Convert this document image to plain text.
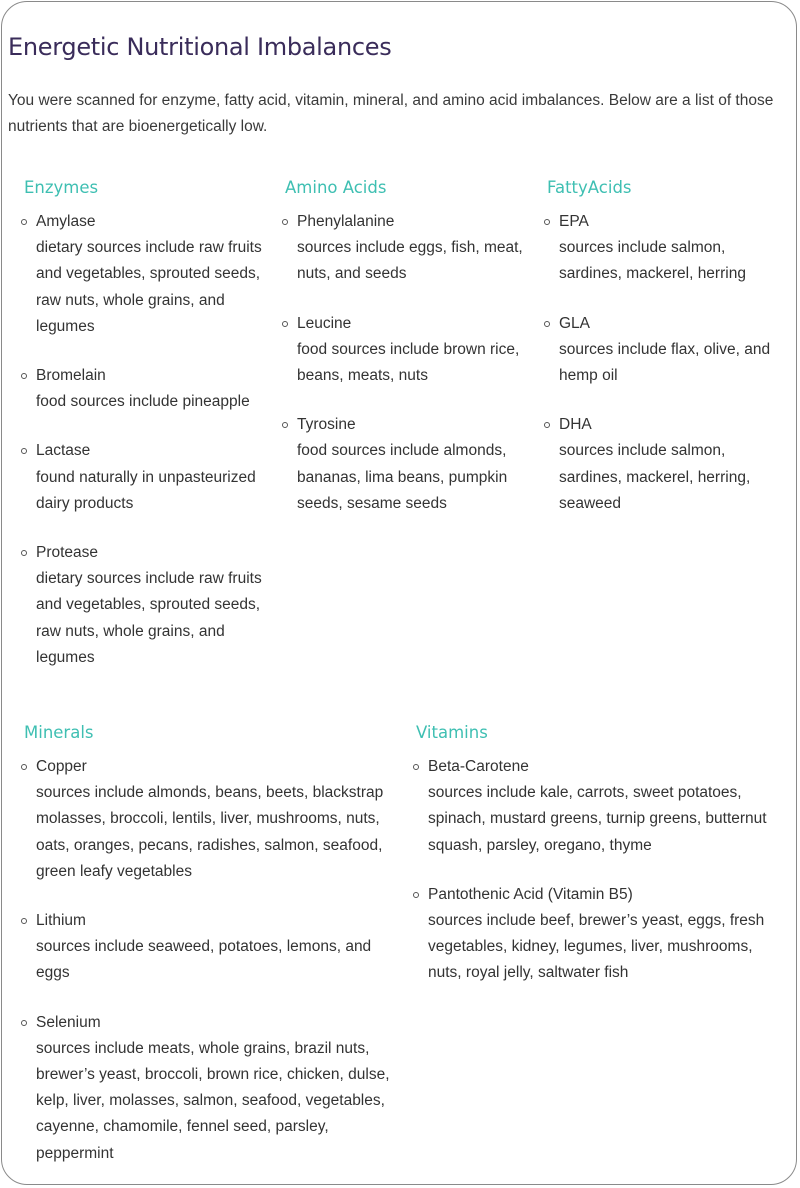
Energetic Nutritional Imbalances

You were scanned for enzyme, fatty acid, vitamin, mineral, and amino acid imbalances. Below are a list of those nutrients that are bioenergetically low.

Enzymes
Amylase
dietary sources include raw fruits and vegetables, sprouted seeds, raw nuts, whole grains, and legumes
Bromelain
food sources include pineapple
Lactase
found naturally in unpasteurized dairy products
Protease
dietary sources include raw fruits and vegetables, sprouted seeds, raw nuts, whole grains, and legumes
Amino Acids
Phenylalanine
sources include eggs, fish, meat, nuts, and seeds
Leucine
food sources include brown rice, beans, meats, nuts
Tyrosine
food sources include almonds, bananas, lima beans, pumpkin seeds, sesame seeds
FattyAcids
EPA
sources include salmon, sardines, mackerel, herring
GLA
sources include flax, olive, and hemp oil
DHA
sources include salmon, sardines, mackerel, herring, seaweed
Minerals
Copper
sources include almonds, beans, beets, blackstrap molasses, broccoli, lentils, liver, mushrooms, nuts, oats, oranges, pecans, radishes, salmon, seafood, green leafy vegetables
Lithium
sources include seaweed, potatoes, lemons, and eggs
Selenium
sources include meats, whole grains, brazil nuts, brewer’s yeast, broccoli, brown rice, chicken, dulse, kelp, liver, molasses, salmon, seafood, vegetables, cayenne, chamomile, fennel seed, parsley, peppermint
Vitamins
Beta-Carotene
sources include kale, carrots, sweet potatoes, spinach, mustard greens, turnip greens, butternut squash, parsley, oregano, thyme
Pantothenic Acid (Vitamin B5)
sources include beef, brewer’s yeast, eggs, fresh vegetables, kidney, legumes, liver, mushrooms, nuts, royal jelly, saltwater fish
